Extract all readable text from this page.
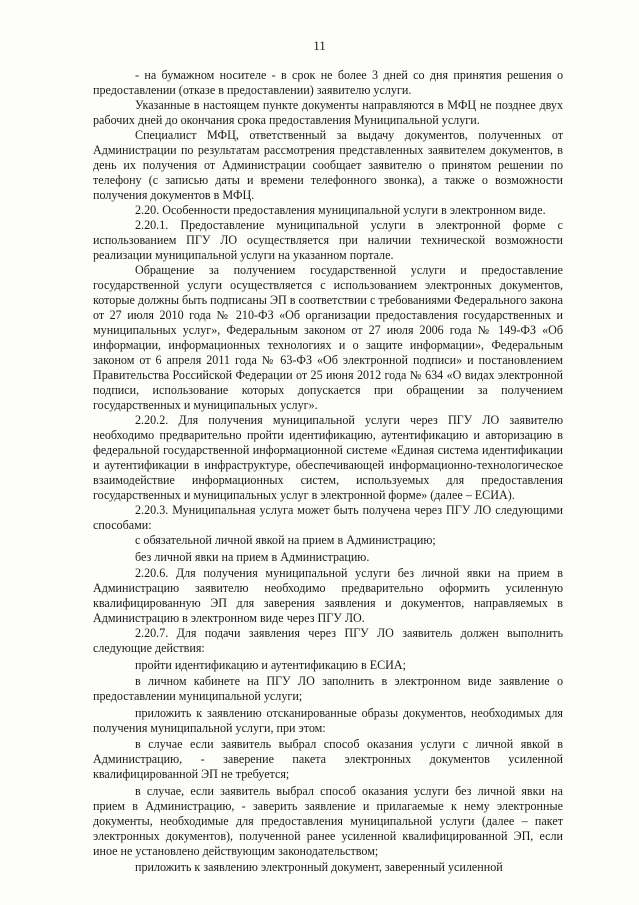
11

- на бумажном носителе - в срок не более 3 дней со дня принятия решения о предоставлении (отказе в предоставлении) заявителю услуги.

Указанные в настоящем пункте документы направляются в МФЦ не позднее двух рабочих дней до окончания срока предоставления Муниципальной услуги.

Специалист МФЦ, ответственный за выдачу документов, полученных от Администрации по результатам рассмотрения представленных заявителем документов, в день их получения от Администрации сообщает заявителю о принятом решении по телефону (с записью даты и времени телефонного звонка), а также о возможности получения документов в МФЦ.

2.20. Особенности предоставления муниципальной услуги в электронном виде.

2.20.1. Предоставление муниципальной услуги в электронной форме с использованием ПГУ ЛО осуществляется при наличии технической возможности реализации муниципальной услуги на указанном портале.

Обращение за получением государственной услуги и предоставление государственной услуги осуществляется с использованием электронных документов, которые должны быть подписаны ЭП в соответствии с требованиями Федерального закона от 27 июля 2010 года № 210-ФЗ «Об организации предоставления государственных и муниципальных услуг», Федеральным законом от 27 июля 2006 года № 149-ФЗ «Об информации, информационных технологиях и о защите информации», Федеральным законом от 6 апреля 2011 года № 63-ФЗ «Об электронной подписи» и постановлением Правительства Российской Федерации от 25 июня 2012 года № 634 «О видах электронной подписи, использование которых допускается при обращении за получением государственных и муниципальных услуг».

2.20.2. Для получения муниципальной услуги через ПГУ ЛО заявителю необходимо предварительно пройти идентификацию, аутентификацию и авторизацию в федеральной государственной информационной системе «Единая система идентификации и аутентификации в инфраструктуре, обеспечивающей информационно-технологическое взаимодействие информационных систем, используемых для предоставления государственных и муниципальных услуг в электронной форме» (далее – ЕСИА).

2.20.3. Муниципальная услуга может быть получена через ПГУ ЛО следующими способами:

с обязательной личной явкой на прием в Администрацию;

без личной явки на прием в Администрацию.

2.20.6. Для получения муниципальной услуги без личной явки на прием в Администрацию заявителю необходимо предварительно оформить усиленную квалифицированную ЭП для заверения заявления и документов, направляемых в Администрацию в электронном виде через ПГУ ЛО.

2.20.7. Для подачи заявления через ПГУ ЛО заявитель должен выполнить следующие действия:

пройти идентификацию и аутентификацию в ЕСИА;

в личном кабинете на ПГУ ЛО заполнить в электронном виде заявление о предоставлении муниципальной услуги;

приложить к заявлению отсканированные образы документов, необходимых для получения муниципальной услуги, при этом:

в случае если заявитель выбрал способ оказания услуги с личной явкой в Администрацию, - заверение пакета электронных документов усиленной квалифицированной ЭП не требуется;

в случае, если заявитель выбрал способ оказания услуги без личной явки на прием в Администрацию, - заверить заявление и прилагаемые к нему электронные документы, необходимые для предоставления муниципальной услуги (далее – пакет электронных документов), полученной ранее усиленной квалифицированной ЭП, если иное не установлено действующим законодательством;

приложить к заявлению электронный документ, заверенный усиленной
